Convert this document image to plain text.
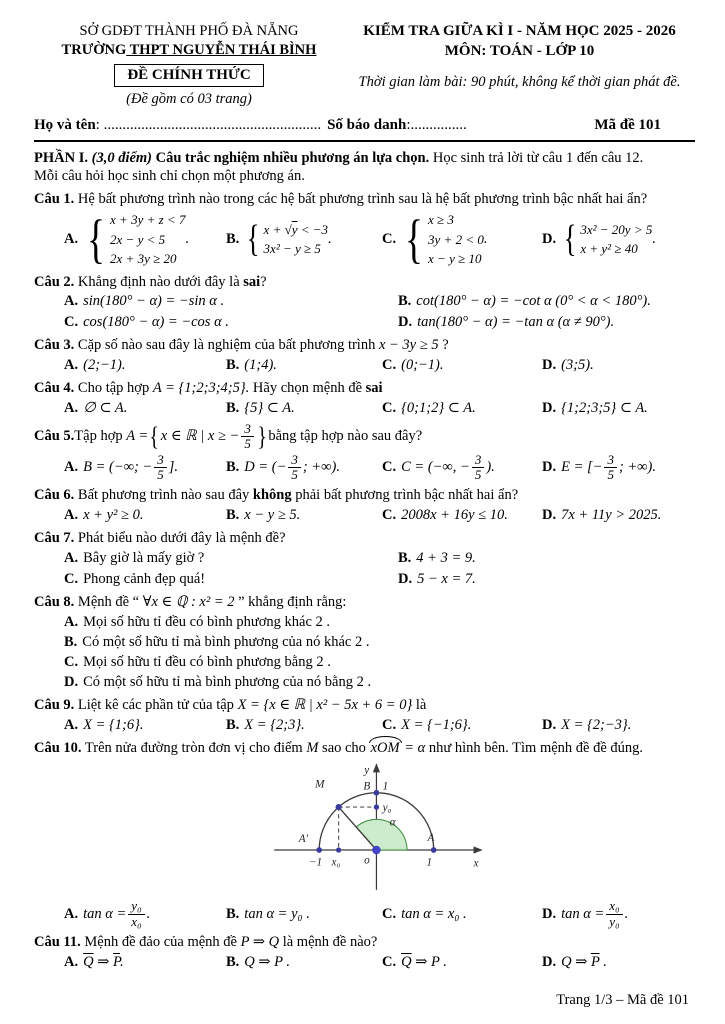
SỞ GDĐT THÀNH PHỐ ĐÀ NẴNG
TRƯỜNG THPT NGUYỄN THÁI BÌNH
ĐỀ CHÍNH THỨC
(Đề gồm có 03 trang)
KIỂM TRA GIỮA KÌ I - NĂM HỌC 2025 - 2026
MÔN: TOÁN - LỚP 10
Thời gian làm bài: 90 phút, không kể thời gian phát đề.
Họ và tên : .......................................................... Số báo danh :...............	Mã đề 101
PHẦN I. (3,0 điểm) Câu trắc nghiệm nhiều phương án lựa chọn. Học sinh trả lời từ câu 1 đến câu 12.
Mỗi câu hỏi học sinh chỉ chọn một phương án.
Câu 1. Hệ bất phương trình nào trong các hệ bất phương trình sau là hệ bất phương trình bậc nhất hai ẩn?
A. { x + 3y + z < 7
2x − y < 5
2x + 3y ≥ 20
.	B. { x + √y < −3
3x² − y ≥ 5
.	C. { x ≥ 3
3y + 2 < 0
x − y ≥ 10
.	D. { 3x² − 20y > 5
x + y² ≥ 40
.
Câu 2. Khẳng định nào dưới đây là sai?
A. sin(180° − α) = −sin α .	B. cot(180° − α) = −cot α (0° < α < 180°).
C. cos(180° − α) = −cos α .	D. tan(180° − α) = −tan α (α ≠ 90°).
Câu 3. Cặp số nào sau đây là nghiệm của bất phương trình x − 3y ≥ 5 ?
A. (2;−1).	B. (1;4).	C. (0;−1).	D. (3;5).
Câu 4. Cho tập hợp A = {1;2;3;4;5}. Hãy chọn mệnh đề sai
A. ∅ ⊂ A.	B. {5} ⊂ A.	C. {0;1;2} ⊂ A.	D. {1;2;3;5} ⊂ A.
Câu 5. Tập hợp
A = { x ∈ ℝ | x ≥ − $\frac{3}{5}$ } bằng tập hợp nào sau đây?
A. B = (−∞; − $\frac{3}{5}$ ].	B. D = (− $\frac{3}{5}$ ; +∞).	C. C = (−∞, − $\frac{3}{5}$ ).	D. E = [− $\frac{3}{5}$ ; +∞).
Câu 6. Bất phương trình nào sau đây không phải bất phương trình bậc nhất hai ẩn?
A. x + y² ≥ 0.	B. x − y ≥ 5.	C. 2008x + 16y ≤ 10. D. 7x + 11y > 2025.
Câu 7. Phát biểu nào dưới đây là mệnh đề?
A. Bây giờ là mấy giờ ?	B. 4 + 3 = 9.
C. Phong cảnh đẹp quá!	D. 5 − x = 7.
Câu 8. Mệnh đề “ ∀x ∈ ℚ : x² = 2 ” khẳng định rằng:
A. Mọi số hữu tỉ đều có bình phương khác 2 .
B. Có một số hữu tỉ mà bình phương của nó khác 2 .
C. Mọi số hữu tỉ đều có bình phương bằng 2 .
D. Có một số hữu tỉ mà bình phương của nó bằng 2 .
Câu 9. Liệt kê các phần tử của tập X = {x ∈ ℝ | x² − 5x + 6 = 0} là
A. X = {1;6}.	B. X = {2;3}.	C. X = {−1;6}.	D. X = {2;−3}.
Câu 10. Trên nửa đường tròn đơn vị cho điểm M sao cho xOM = α như hình bên. Tìm mệnh đề đề đúng.
y
B 1
M
y₀
A′
−1 x₀ o
α
A
1	x
A. $\tan \alpha = \frac{\text{y₀}}{\text{x₀}}$ .	B. tan α = y₀ .	C. tan α = x₀ .	D. $\tan \alpha = \frac{\text{x₀}}{\text{y₀}}$ .
Câu 11. Mệnh đề đảo của mệnh đề P ⇒ Q là mệnh đề nào?
A. $\overline{Q}$ ⇒ $\overline{P}$.	B. Q ⇒ P .	C. $\overline{Q}$ ⇒ P .	D. Q ⇒ $\overline{P}$ .
Trang 1/3 – Mã đề 101
